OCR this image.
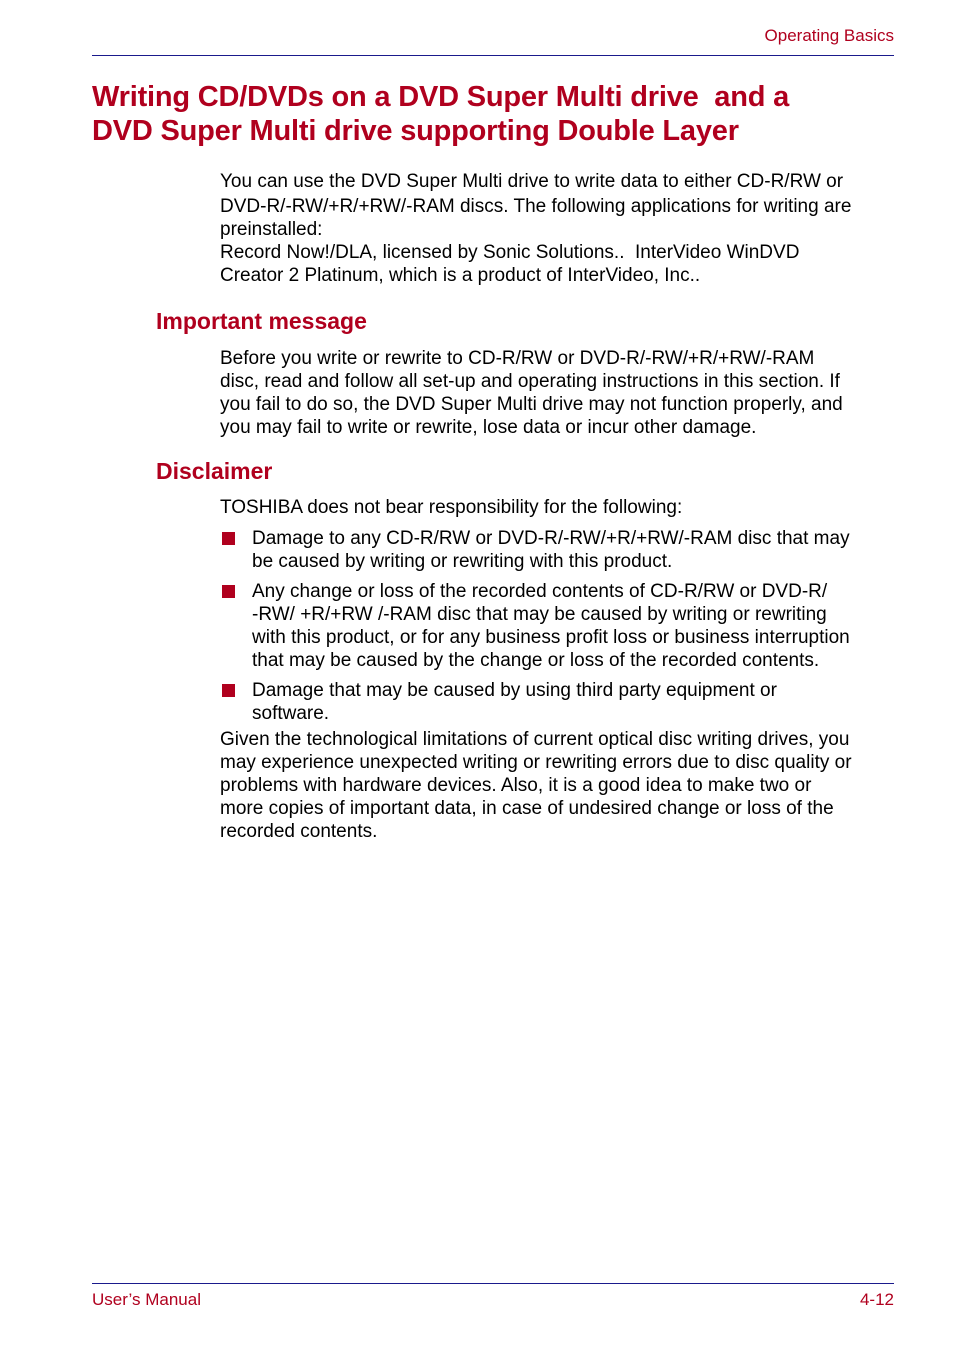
Operating Basics
Writing CD/DVDs on a DVD Super Multi drive  and a
DVD Super Multi drive supporting Double Layer

You can use the DVD Super Multi drive to write data to either CD-R/RW or

DVD-R/-RW/+R/+RW/-RAM discs. The following applications for writing are

preinstalled:

Record Now!/DLA, licensed by Sonic Solutions..  InterVideo WinDVD

Creator 2 Platinum, which is a product of InterVideo, Inc..

Important message
Before you write or rewrite to CD-R/RW or DVD-R/-RW/+R/+RW/-RAM
disc, read and follow all set-up and operating instructions in this section. If
you fail to do so, the DVD Super Multi drive may not function properly, and
you may fail to write or rewrite, lose data or incur other damage.
Disclaimer
TOSHIBA does not bear responsibility for the following:
Damage to any CD-R/RW or DVD-R/-RW/+R/+RW/-RAM disc that may
be caused by writing or rewriting with this product.
Any change or loss of the recorded contents of CD-R/RW or DVD-R/
-RW/ +R/+RW /-RAM disc that may be caused by writing or rewriting
with this product, or for any business profit loss or business interruption
that may be caused by the change or loss of the recorded contents.
Damage that may be caused by using third party equipment or
software.
Given the technological limitations of current optical disc writing drives, you
may experience unexpected writing or rewriting errors due to disc quality or
problems with hardware devices. Also, it is a good idea to make two or
more copies of important data, in case of undesired change or loss of the
recorded contents.
User’s Manual	4-12
